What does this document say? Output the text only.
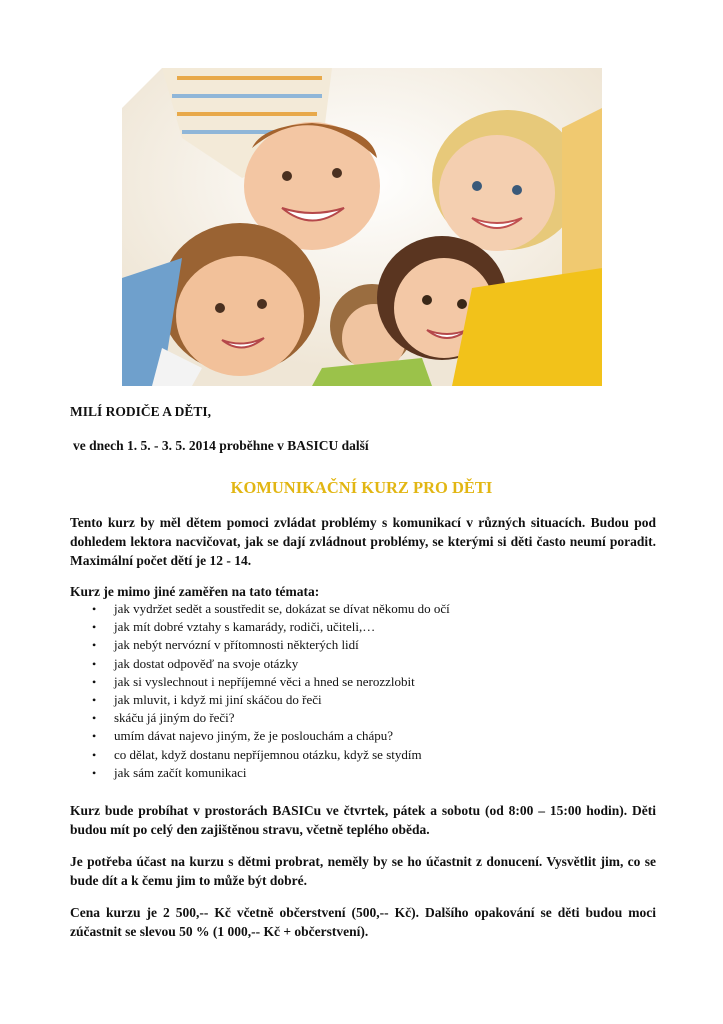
MILÍ RODIČE A DĚTI,
ve dnech 1. 5. - 3. 5. 2014 proběhne v BASICU další
KOMUNIKAČNÍ KURZ PRO DĚTI

Tento kurz by měl dětem pomoci zvládat problémy s komunikací v různých situacích. Budou pod dohledem lektora nacvičovat, jak se dají zvládnout problémy, se kterými si děti často neumí poradit. Maximální počet dětí je 12 - 14.

Kurz je mimo jiné zaměřen na tato témata:

• jak vydržet sedět a soustředit se, dokázat se dívat někomu do očí
• jak mít dobré vztahy s kamarády, rodiči, učiteli,…
• jak nebýt nervózní v přítomnosti některých lidí
• jak dostat odpověď na svoje otázky
• jak si vyslechnout i nepříjemné věci a hned se nerozzlobit
• jak mluvit, i když mi jiní skáčou do řeči
• skáču já jiným do řeči?
• umím dávat najevo jiným, že je poslouchám a chápu?
• co dělat, když dostanu nepříjemnou otázku, když se stydím
• jak sám začít komunikaci

Kurz bude probíhat v prostorách BASICu ve čtvrtek, pátek a sobotu (od 8:00 – 15:00 hodin). Děti budou mít po celý den zajištěnou stravu, včetně teplého oběda.

Je potřeba účast na kurzu s dětmi probrat, neměly by se ho účastnit z donucení. Vysvětlit jim, co se bude dít a k čemu jim to může být dobré.

Cena kurzu je 2 500,-- Kč včetně občerstvení (500,-- Kč). Dalšího opakování se děti budou moci zúčastnit se slevou 50 % (1 000,-- Kč + občerstvení).
